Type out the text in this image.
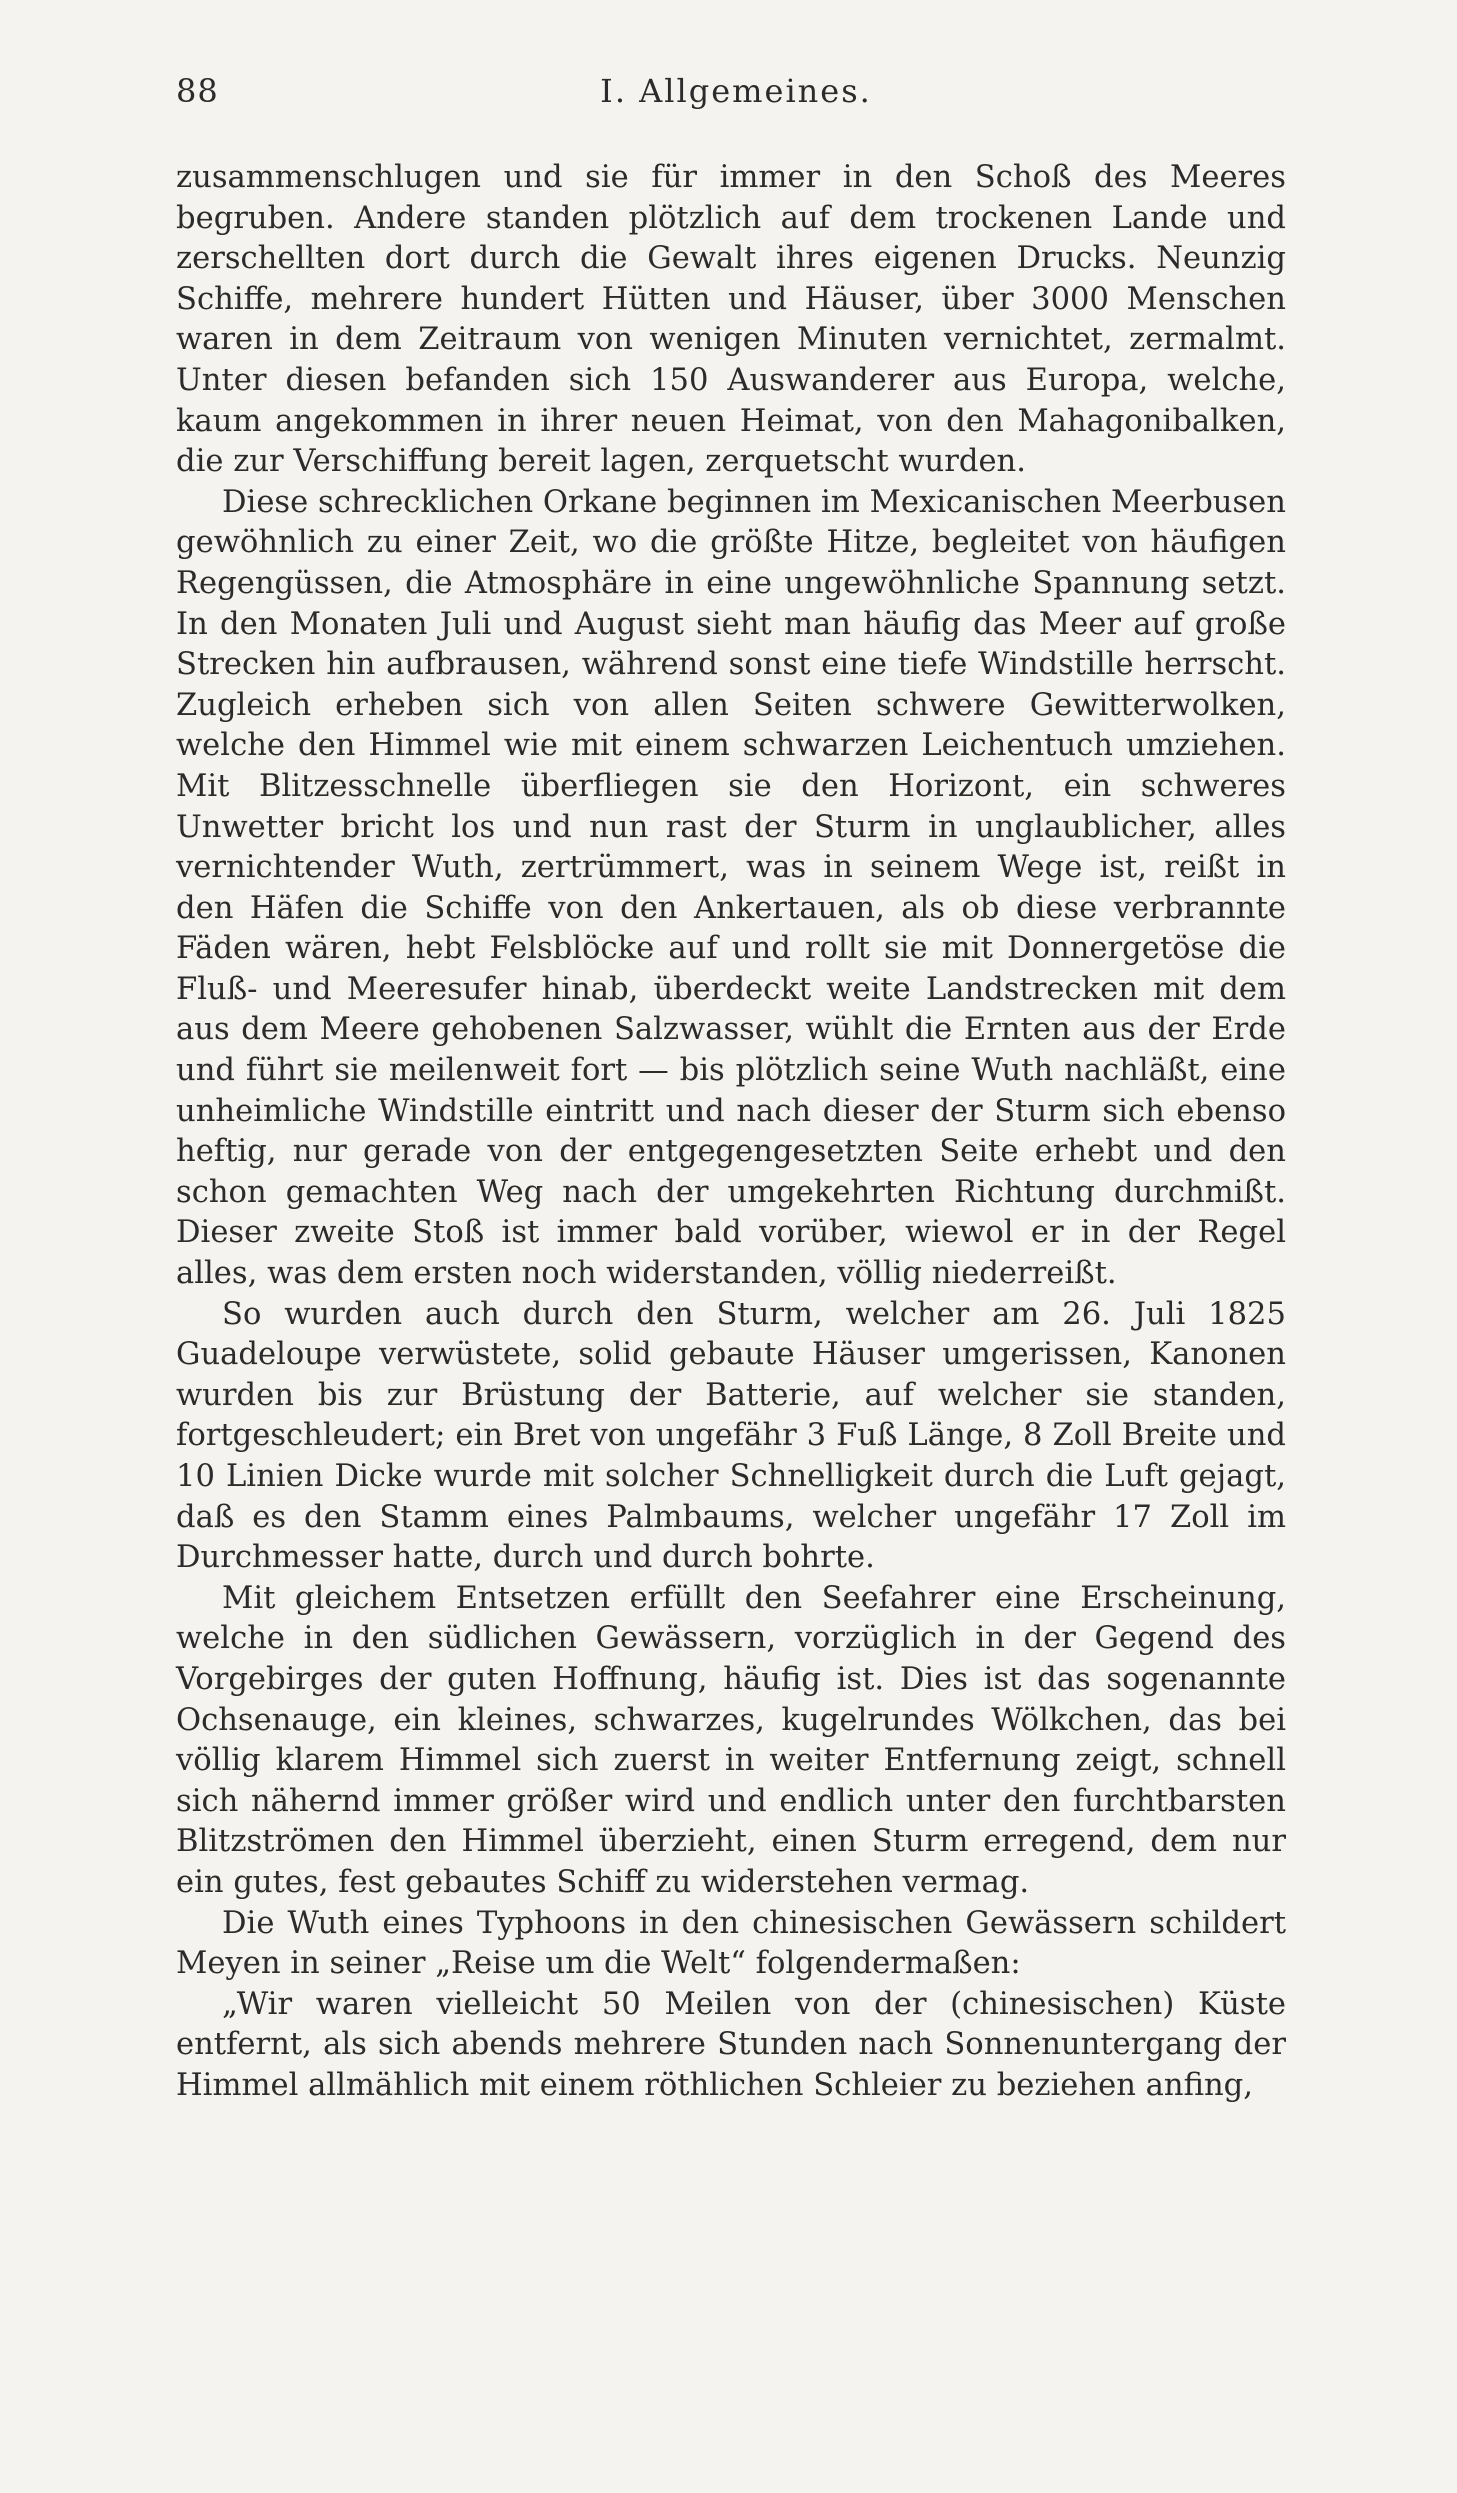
88	I. Allgemeines.

zusammenschlugen und sie für immer in den Schoß des Meeres begruben. Andere standen plötzlich auf dem trockenen Lande und zerschellten dort durch die Gewalt ihres eigenen Drucks. Neunzig Schiffe, mehrere hundert Hütten und Häuser, über 3000 Menschen waren in dem Zeitraum von wenigen Minuten vernichtet, zermalmt. Unter diesen befanden sich 150 Auswanderer aus Europa, welche, kaum angekommen in ihrer neuen Heimat, von den Mahagonibalken, die zur Verschiffung bereit lagen, zerquetscht wurden.

Diese schrecklichen Orkane beginnen im Mexicanischen Meerbusen gewöhnlich zu einer Zeit, wo die größte Hitze, begleitet von häufigen Regengüssen, die Atmosphäre in eine ungewöhnliche Spannung setzt. In den Monaten Juli und August sieht man häufig das Meer auf große Strecken hin aufbrausen, während sonst eine tiefe Windstille herrscht. Zugleich erheben sich von allen Seiten schwere Gewitterwolken, welche den Himmel wie mit einem schwarzen Leichentuch umziehen. Mit Blitzesschnelle überfliegen sie den Horizont, ein schweres Unwetter bricht los und nun rast der Sturm in unglaublicher, alles vernichtender Wuth, zertrümmert, was in seinem Wege ist, reißt in den Häfen die Schiffe von den Ankertauen, als ob diese verbrannte Fäden wären, hebt Felsblöcke auf und rollt sie mit Donnergetöse die Fluß- und Meeresufer hinab, überdeckt weite Landstrecken mit dem aus dem Meere gehobenen Salzwasser, wühlt die Ernten aus der Erde und führt sie meilenweit fort — bis plötzlich seine Wuth nachläßt, eine unheimliche Windstille eintritt und nach dieser der Sturm sich ebenso heftig, nur gerade von der entgegengesetzten Seite erhebt und den schon gemachten Weg nach der umgekehrten Richtung durchmißt. Dieser zweite Stoß ist immer bald vorüber, wiewol er in der Regel alles, was dem ersten noch widerstanden, völlig niederreißt.

So wurden auch durch den Sturm, welcher am 26. Juli 1825 Guadeloupe verwüstete, solid gebaute Häuser umgerissen, Kanonen wurden bis zur Brüstung der Batterie, auf welcher sie standen, fortgeschleudert; ein Bret von ungefähr 3 Fuß Länge, 8 Zoll Breite und 10 Linien Dicke wurde mit solcher Schnelligkeit durch die Luft gejagt, daß es den Stamm eines Palmbaums, welcher ungefähr 17 Zoll im Durchmesser hatte, durch und durch bohrte.

Mit gleichem Entsetzen erfüllt den Seefahrer eine Erscheinung, welche in den südlichen Gewässern, vorzüglich in der Gegend des Vorgebirges der guten Hoffnung, häufig ist. Dies ist das sogenannte Ochsenauge, ein kleines, schwarzes, kugelrundes Wölkchen, das bei völlig klarem Himmel sich zuerst in weiter Entfernung zeigt, schnell sich nähernd immer größer wird und endlich unter den furchtbarsten Blitzströmen den Himmel überzieht, einen Sturm erregend, dem nur ein gutes, fest gebautes Schiff zu widerstehen vermag.

Die Wuth eines Typhoons in den chinesischen Gewässern schildert Meyen in seiner „Reise um die Welt“ folgendermaßen:

„Wir waren vielleicht 50 Meilen von der (chinesischen) Küste entfernt, als sich abends mehrere Stunden nach Sonnenuntergang der Himmel allmählich mit einem röthlichen Schleier zu beziehen anfing,
